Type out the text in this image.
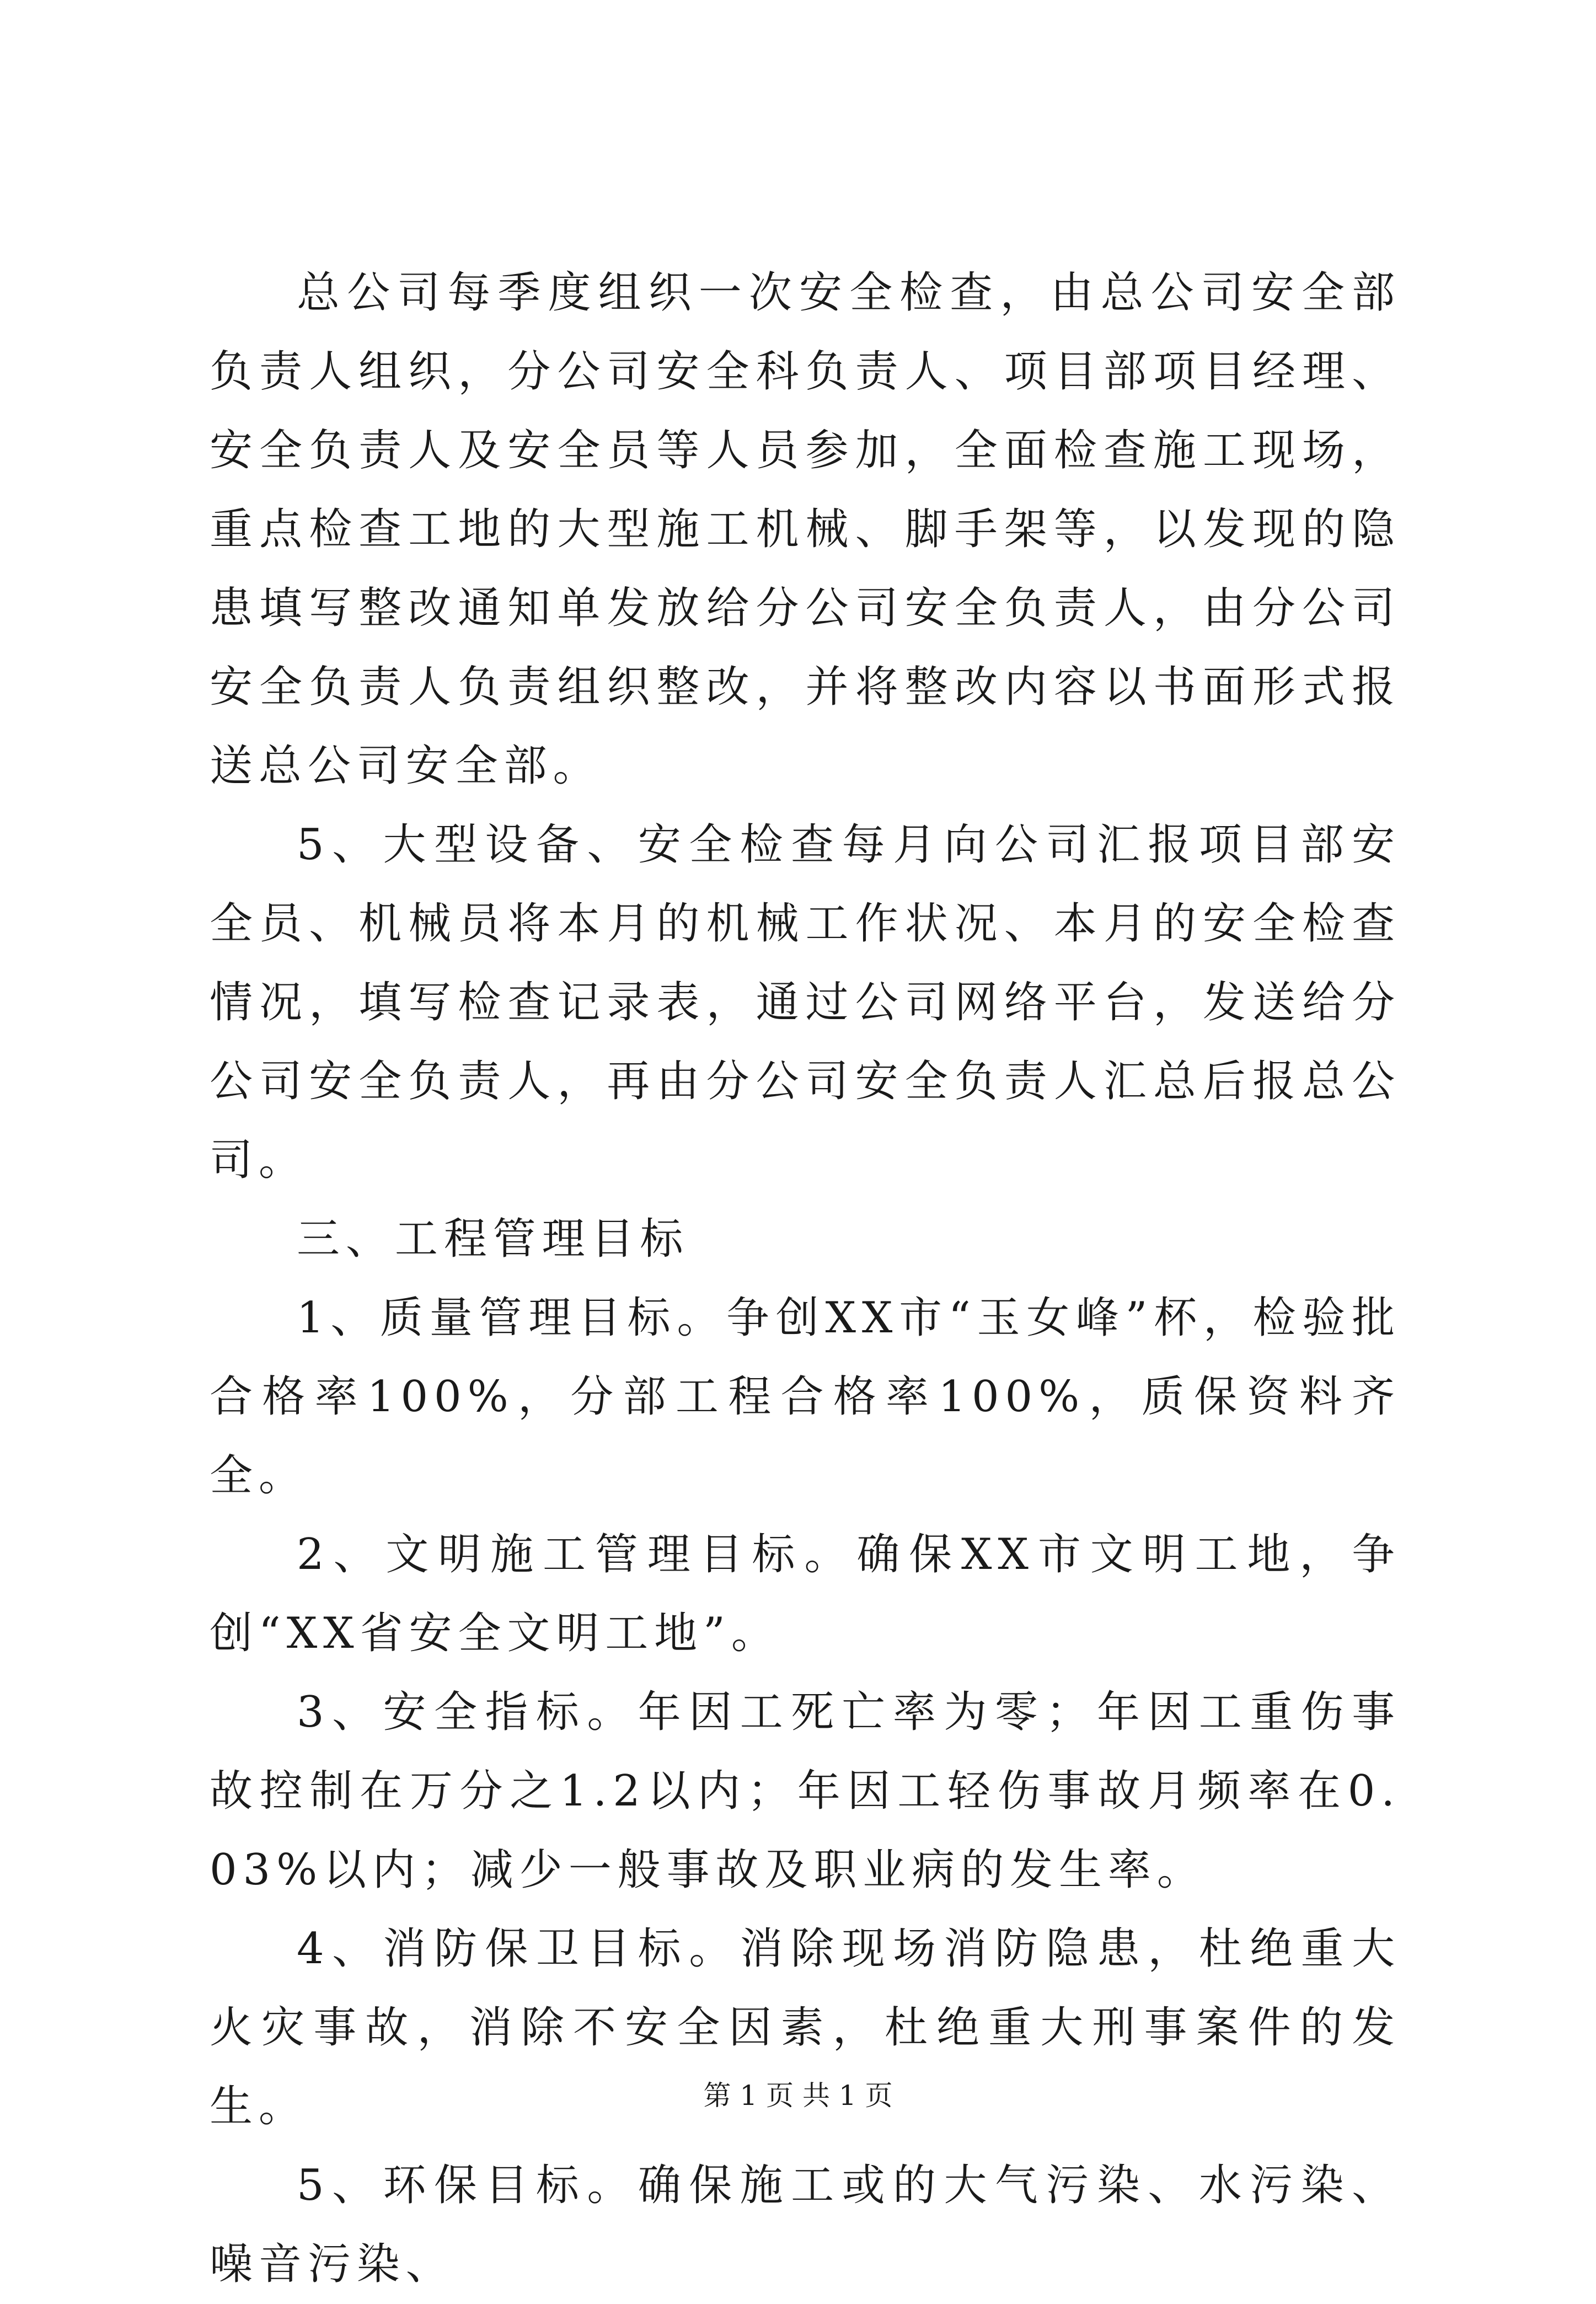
总公司每季度组织一次安全检查，由总公司安全部负责人组织，分公司安全科负责人、项目部项目经理、安全负责人及安全员等人员参加，全面检查施工现场，重点检查工地的大型施工机械、脚手架等，以发现的隐患填写整改通知单发放给分公司安全负责人，由分公司安全负责人负责组织整改，并将整改内容以书面形式报送总公司安全部。

5、大型设备、安全检查每月向公司汇报项目部安全员、机械员将本月的机械工作状况、本月的安全检查情况，填写检查记录表，通过公司网络平台，发送给分公司安全负责人，再由分公司安全负责人汇总后报总公司。

三、工程管理目标

1、质量管理目标。争创XX市“玉女峰”杯，检验批合格率100%，分部工程合格率100%，质保资料齐全。

2、文明施工管理目标。确保XX市文明工地，争创“XX省安全文明工地”。

3、安全指标。年因工死亡率为零；年因工重伤事故控制在万分之1.2以内；年因工轻伤事故月频率在0.03%以内；减少一般事故及职业病的发生率。

4、消防保卫目标。消除现场消防隐患，杜绝重大火灾事故，消除不安全因素，杜绝重大刑事案件的发生。

5、环保目标。确保施工或的大气污染、水污染、噪音污染、

第 1 页 共 1 页
